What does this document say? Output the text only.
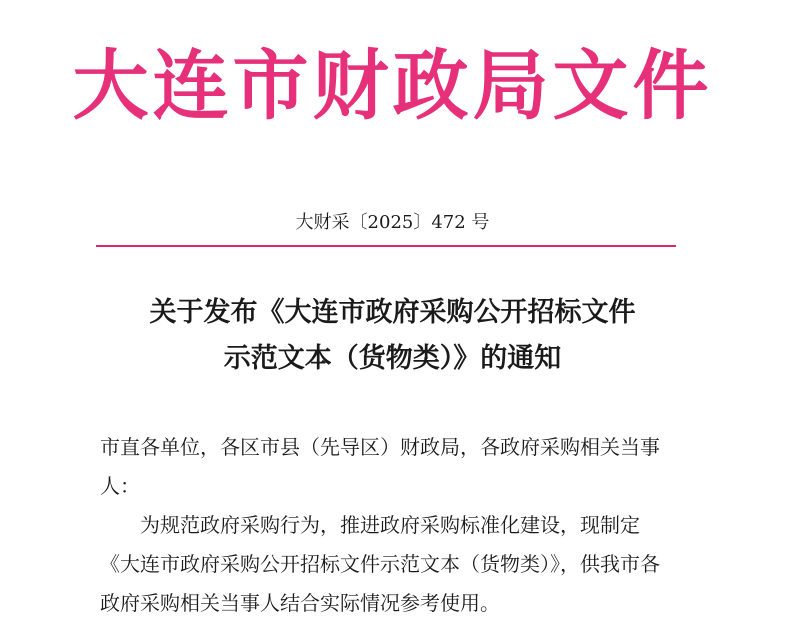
大连市财政局文件
大财采〔2025〕472 号
关于发布《大连市政府采购公开招标文件
示范文本（货物类）》的通知

市直各单位，各区市县（先导区）财政局，各政府采购相关当事人：

为规范政府采购行为，推进政府采购标准化建设，现制定《大连市政府采购公开招标文件示范文本（货物类）》，供我市各政府采购相关当事人结合实际情况参考使用。
